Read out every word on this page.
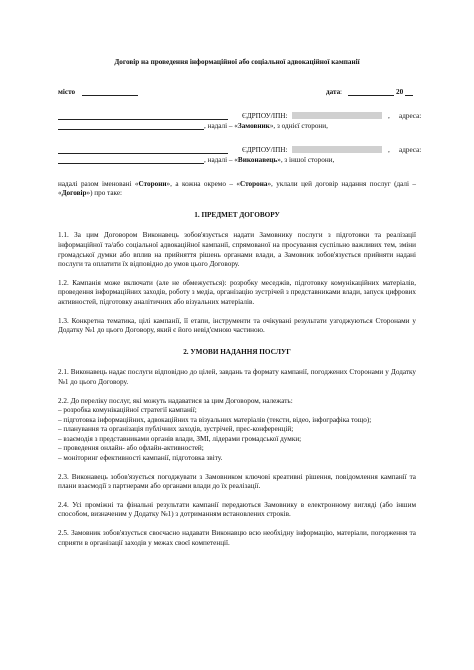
Договір на проведення інформаційної або соціальної адвокаційної кампанії
місто	дата :	20
ЄДРПОУ/ІПН:	, адреса:
, надалі – «Замовник», з однієї сторони,
ЄДРПОУ/ІПН:	, адреса:
, надалі – «Виконавець», з іншої сторони,

надалі разом іменовані «Сторони», а кожна окремо – «Сторона», уклали цей договір надання послуг (далі – «Договір») про таке:

1. ПРЕДМЕТ ДОГОВОРУ

1.1. За цим Договором Виконавець зобов'язується надати Замовнику послуги з підготовки та реалізації інформаційної та/або соціальної адвокаційної кампанії, спрямованої на просування суспільно важливих тем, зміни громадської думки або вплив на прийняття рішень органами влади, а Замовник зобов'язується прийняти надані послуги та оплатити їх відповідно до умов цього Договору.

1.2. Кампанія може включати (але не обмежується): розробку меседжів, підготовку комунікаційних матеріалів, проведення інформаційних заходів, роботу з медіа, організацію зустрічей з представниками влади, запуск цифрових активностей, підготовку аналітичних або візуальних матеріалів.

1.3. Конкретна тематика, цілі кампанії, її етапи, інструменти та очікувані результати узгоджуються Сторонами у Додатку №1 до цього Договору, який є його невід'ємною частиною.

2. УМОВИ НАДАННЯ ПОСЛУГ

2.1. Виконавець надає послуги відповідно до цілей, завдань та формату кампанії, погоджених Сторонами у Додатку №1 до цього Договору.

2.2. До переліку послуг, які можуть надаватися за цим Договором, належать:

– розробка комунікаційної стратегії кампанії;

– підготовка інформаційних, адвокаційних та візуальних матеріалів (тексти, відео, інфографіка тощо);

– планування та організація публічних заходів, зустрічей, прес-конференцій;

– взаємодія з представниками органів влади, ЗМІ, лідерами громадської думки;

– проведення онлайн- або офлайн-активностей;

– моніторинг ефективності кампанії, підготовка звіту.

2.3. Виконавець зобов'язується погоджувати з Замовником ключові креативні рішення, повідомлення кампанії та плани взаємодії з партнерами або органами влади до їх реалізації.

2.4. Усі проміжні та фінальні результати кампанії передаються Замовнику в електронному вигляді (або іншим способом, визначеним у Додатку №1) з дотриманням встановлених строків.

2.5. Замовник зобов'язується своєчасно надавати Виконавцю всю необхідну інформацію, матеріали, погодження та сприяти в організації заходів у межах своєї компетенції.
